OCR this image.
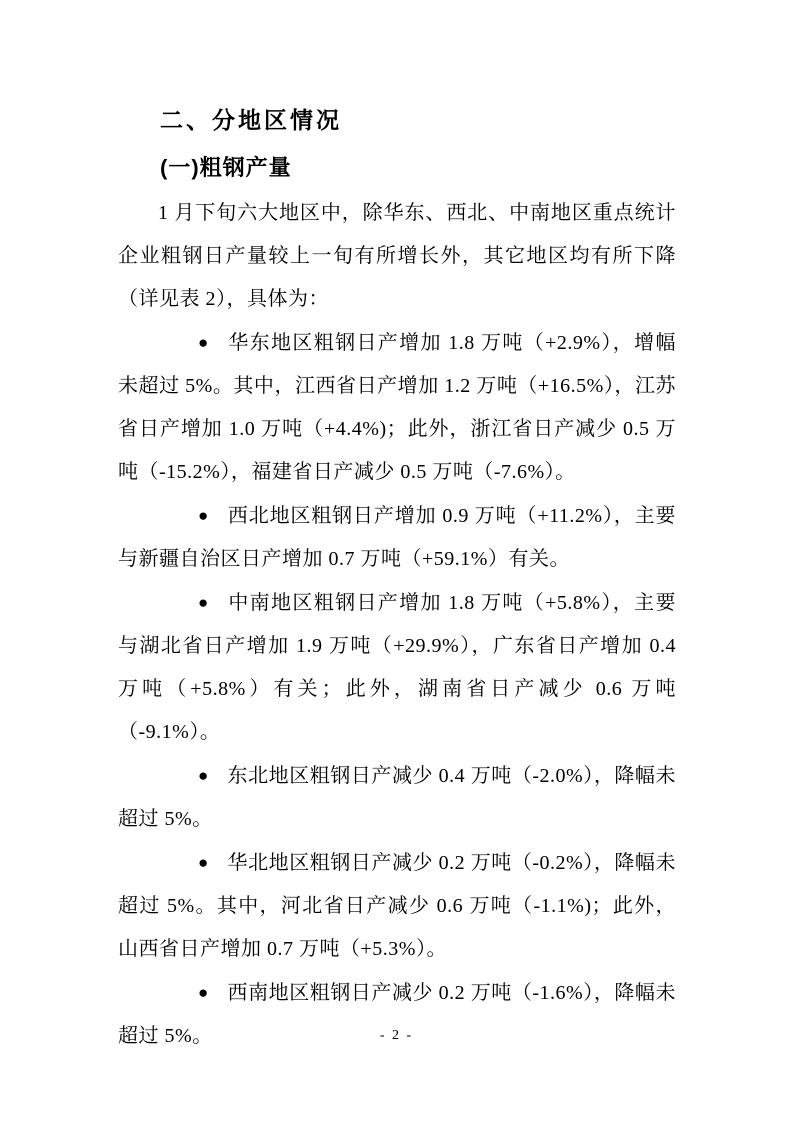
二、分地区情况
(一)粗钢产量

1 月下旬六大地区中，除华东、西北、中南地区重点统计企业粗钢日产量较上一旬有所增长外，其它地区均有所下降（详见表 2），具体为：

● 华东地区粗钢日产增加 1.8 万吨（+2.9%），增幅未超过 5%。其中，江西省日产增加 1.2 万吨（+16.5%），江苏省日产增加 1.0 万吨（+4.4%)；此外，浙江省日产减少 0.5 万吨（-15.2%），福建省日产减少 0.5 万吨（-7.6%）。

● 西北地区粗钢日产增加 0.9 万吨（+11.2%），主要与新疆自治区日产增加 0.7 万吨（+59.1%）有关。

● 中南地区粗钢日产增加 1.8 万吨（+5.8%），主要与湖北省日产增加 1.9 万吨（+29.9%），广东省日产增加 0.4 万吨（+5.8%）有关；此外，湖南省日产减少 0.6 万吨（-9.1%）。

● 东北地区粗钢日产减少 0.4 万吨（-2.0%），降幅未超过 5%。

● 华北地区粗钢日产减少 0.2 万吨（-0.2%），降幅未超过 5%。其中，河北省日产减少 0.6 万吨（-1.1%)；此外，山西省日产增加 0.7 万吨（+5.3%）。

● 西南地区粗钢日产减少 0.2 万吨（-1.6%），降幅未超过 5%。	- 2 -
